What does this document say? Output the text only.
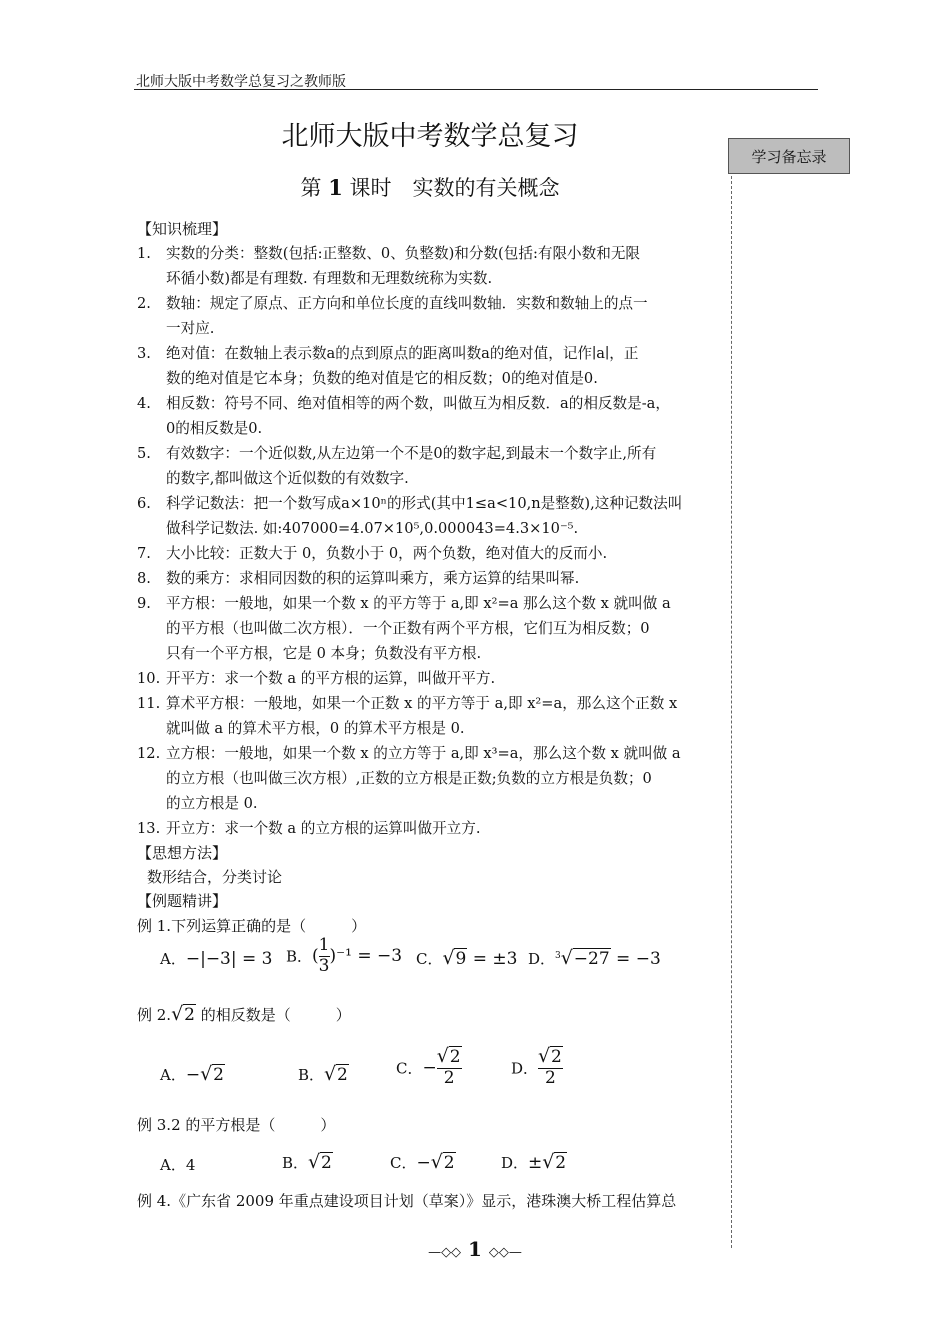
北师大版中考数学总复习之教师版
北师大版中考数学总复习
第 1 课时　实数的有关概念
学习备忘录
【知识梳理】
1. 实数的分类：整数(包括:正整数、0、负整数)和分数(包括:有限小数和无限
环循小数)都是有理数. 有理数和无理数统称为实数.
2. 数轴：规定了原点、正方向和单位长度的直线叫数轴．实数和数轴上的点一
一对应.
3. 绝对值：在数轴上表示数a的点到原点的距离叫数a的绝对值，记作∣a∣，正
数的绝对值是它本身；负数的绝对值是它的相反数；0的绝对值是0.
4. 相反数：符号不同、绝对值相等的两个数，叫做互为相反数．a的相反数是-a，
0的相反数是0.
5. 有效数字：一个近似数,从左边第一个不是0的数字起,到最末一个数字止,所有
的数字,都叫做这个近似数的有效数字.
6. 科学记数法：把一个数写成a×10ⁿ的形式(其中1≤a<10,n是整数),这种记数法叫
做科学记数法. 如:407000=4.07×10⁵,0.000043=4.3×10⁻⁵.
7. 大小比较：正数大于 0，负数小于 0，两个负数，绝对值大的反而小.
8. 数的乘方：求相同因数的积的运算叫乘方，乘方运算的结果叫幂.
9. 平方根：一般地，如果一个数 x 的平方等于 a,即 x²=a 那么这个数 x 就叫做 a
的平方根（也叫做二次方根）．一个正数有两个平方根，它们互为相反数；0
只有一个平方根，它是 0 本身；负数没有平方根.
10. 开平方：求一个数 a 的平方根的运算，叫做开平方.
11. 算术平方根：一般地，如果一个正数 x 的平方等于 a,即 x²=a，那么这个正数 x
就叫做 a 的算术平方根，0 的算术平方根是 0.
12. 立方根：一般地，如果一个数 x 的立方等于 a,即 x³=a，那么这个数 x 就叫做 a
的立方根（也叫做三次方根）,正数的立方根是正数;负数的立方根是负数；0
的立方根是 0.
13. 开立方：求一个数 a 的立方根的运算叫做开立方.
【思想方法】
数形结合，分类讨论
【例题精讲】
例 1.下列运算正确的是（　　　）
A．−|−3| = 3 B．( $\frac{1}{3} )^{-1} = -3$ C． √ 9 = ±3 D．$^3$ √ −27 = −3
例 2. √ 2 的相反数是（　　　）
A．− √ 2	B． √ 2	C．− √ $\frac{2}{2}$	D． √ $\frac{2}{2}$
例 3.2 的平方根是（　　　）
A．4	B． √ 2	C．− √ 2	D．± √ 2
例 4.《广东省 2009 年重点建设项目计划（草案）》显示，港珠澳大桥工程估算总
—◇◇ 1 ◇◇—
